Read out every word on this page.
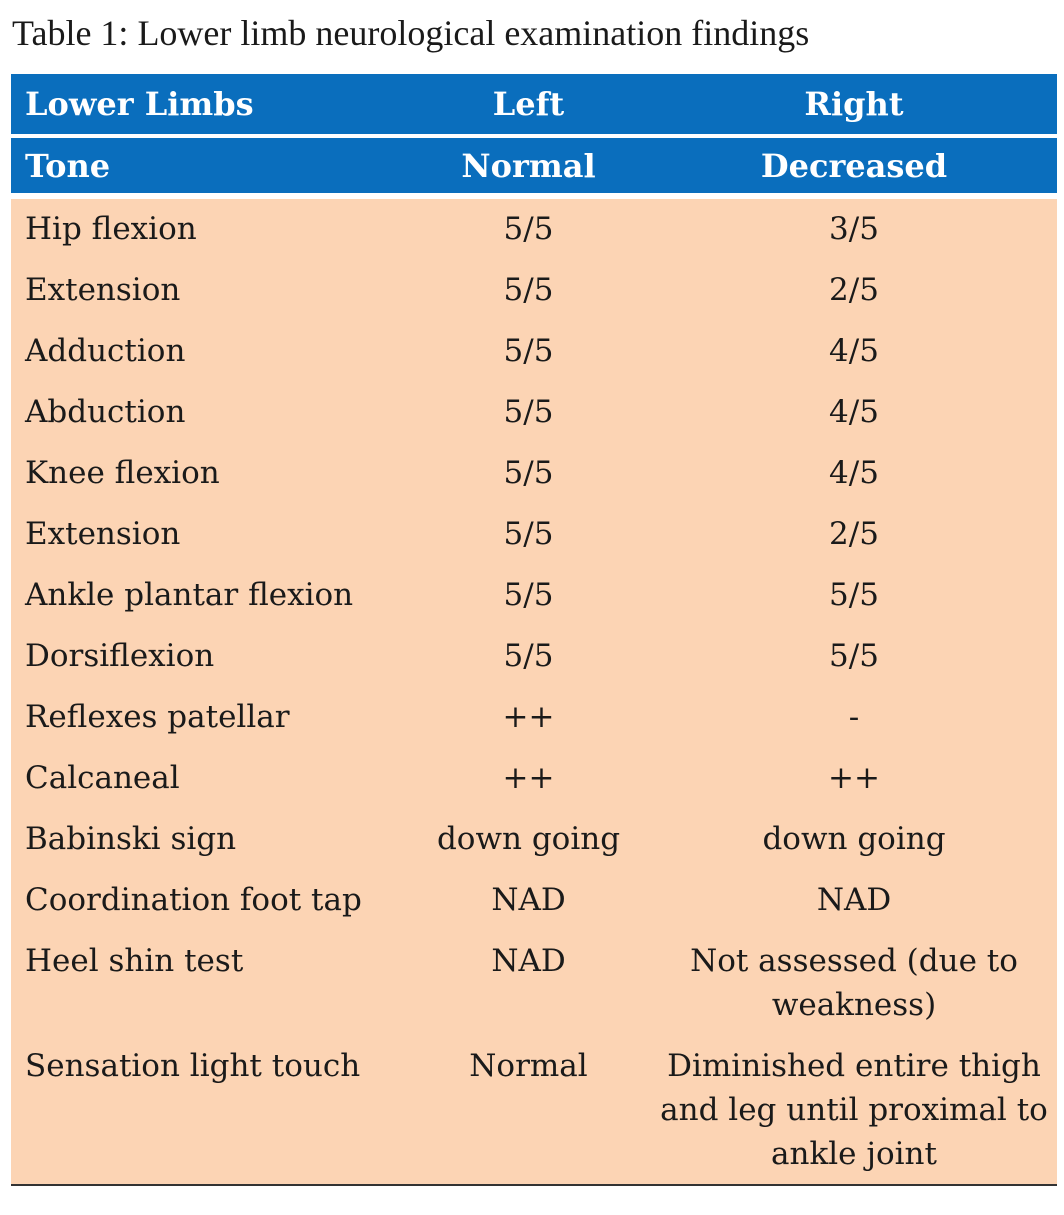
Table 1: Lower limb neurological examination findings
Lower Limbs	Left	Right
Tone	Normal	Decreased
Hip flexion	5/5	3/5
Extension	5/5	2/5
Adduction	5/5	4/5
Abduction	5/5	4/5
Knee flexion	5/5	4/5
Extension	5/5	2/5
Ankle plantar flexion	5/5	5/5
Dorsiflexion	5/5	5/5
Reflexes patellar	++	-
Calcaneal	++	++
Babinski sign	down going	down going
Coordination foot tap	NAD	NAD
Heel shin test	NAD	Not assessed (due to weakness)
Sensation light touch	Normal	Diminished entire thigh and leg until proximal to ankle joint
